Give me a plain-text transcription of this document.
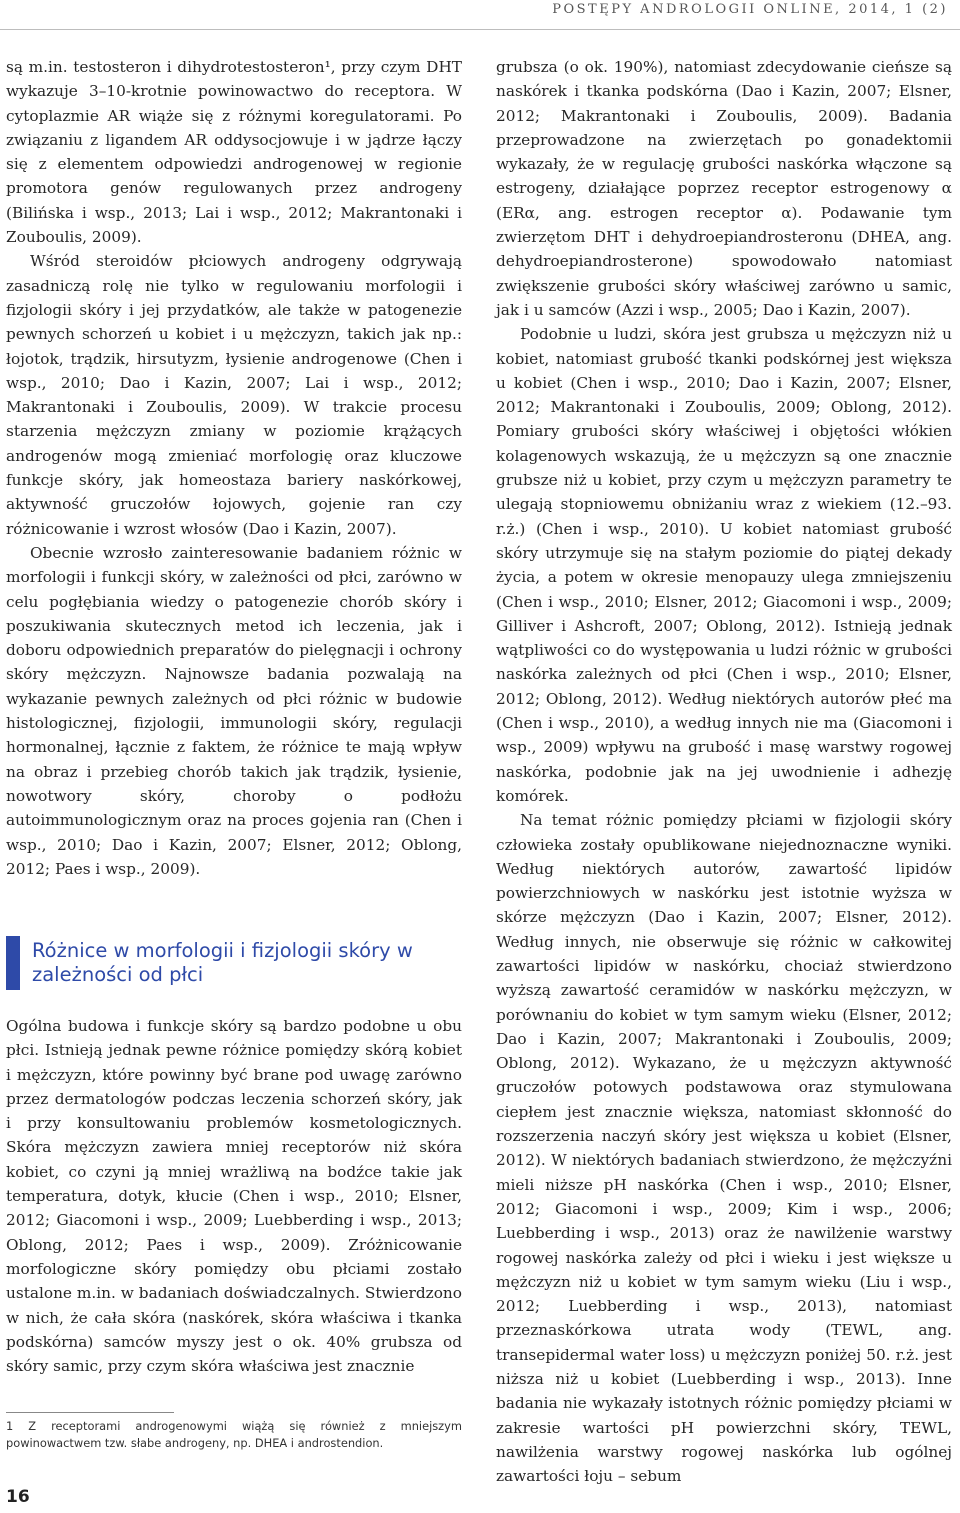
POSTĘPY ANDROLOGII ONLINE, 2014, 1 (2)

są m.in. testosteron i dihydrotestosteron¹, przy czym DHT wykazuje 3–10-krotnie powinowactwo do receptora. W cytoplazmie AR wiąże się z różnymi koregulatorami. Po związaniu z ligandem AR oddysocjowuje i w jądrze łączy się z elementem odpowiedzi androgenowej w regionie promotora genów regulowanych przez androgeny (Bilińska i wsp., 2013; Lai i wsp., 2012; Makrantonaki i Zouboulis, 2009).

Wśród steroidów płciowych androgeny odgrywają zasadniczą rolę nie tylko w regulowaniu morfologii i fizjologii skóry i jej przydatków, ale także w patogenezie pewnych schorzeń u kobiet i u mężczyzn, takich jak np.: łojotok, trądzik, hirsutyzm, łysienie androgenowe (Chen i wsp., 2010; Dao i Kazin, 2007; Lai i wsp., 2012; Makrantonaki i Zouboulis, 2009). W trakcie procesu starzenia mężczyzn zmiany w poziomie krążących androgenów mogą zmieniać morfologię oraz kluczowe funkcje skóry, jak homeostaza bariery naskórkowej, aktywność gruczołów łojowych, gojenie ran czy różnicowanie i wzrost włosów (Dao i Kazin, 2007).

Obecnie wzrosło zainteresowanie badaniem różnic w morfologii i funkcji skóry, w zależności od płci, zarówno w celu pogłębiania wiedzy o patogenezie chorób skóry i poszukiwania skutecznych metod ich leczenia, jak i doboru odpowiednich preparatów do pielęgnacji i ochrony skóry mężczyzn. Najnowsze badania pozwalają na wykazanie pewnych zależnych od płci różnic w budowie histologicznej, fizjologii, immunologii skóry, regulacji hormonalnej, łącznie z faktem, że różnice te mają wpływ na obraz i przebieg chorób takich jak trądzik, łysienie, nowotwory skóry, choroby o podłożu autoimmunologicznym oraz na proces gojenia ran (Chen i wsp., 2010; Dao i Kazin, 2007; Elsner, 2012; Oblong, 2012; Paes i wsp., 2009).

Różnice w morfologii i fizjologii skóry w zależności od płci

Ogólna budowa i funkcje skóry są bardzo podobne u obu płci. Istnieją jednak pewne różnice pomiędzy skórą kobiet i mężczyzn, które powinny być brane pod uwagę zarówno przez dermatologów podczas leczenia schorzeń skóry, jak i przy konsultowaniu problemów kosmetologicznych. Skóra mężczyzn zawiera mniej receptorów niż skóra kobiet, co czyni ją mniej wrażliwą na bodźce takie jak temperatura, dotyk, kłucie (Chen i wsp., 2010; Elsner, 2012; Giacomoni i wsp., 2009; Luebberding i wsp., 2013; Oblong, 2012; Paes i wsp., 2009). Zróżnicowanie morfologiczne skóry pomiędzy obu płciami zostało ustalone m.in. w badaniach doświadczalnych. Stwierdzono w nich, że cała skóra (naskórek, skóra właściwa i tkanka podskórna) samców myszy jest o ok. 40% grubsza od skóry samic, przy czym skóra właściwa jest znacznie

1 Z receptorami androgenowymi wiążą się również z mniejszym powinowactwem tzw. słabe androgeny, np. DHEA i androstendion.

grubsza (o ok. 190%), natomiast zdecydowanie cieńsze są naskórek i tkanka podskórna (Dao i Kazin, 2007; Elsner, 2012; Makrantonaki i Zouboulis, 2009). Badania przeprowadzone na zwierzętach po gonadektomii wykazały, że w regulację grubości naskórka włączone są estrogeny, działające poprzez receptor estrogenowy α (ERα, ang. estrogen receptor α). Podawanie tym zwierzętom DHT i dehydroepiandrosteronu (DHEA, ang. dehydroepiandrosterone) spowodowało natomiast zwiększenie grubości skóry właściwej zarówno u samic, jak i u samców (Azzi i wsp., 2005; Dao i Kazin, 2007).

Podobnie u ludzi, skóra jest grubsza u mężczyzn niż u kobiet, natomiast grubość tkanki podskórnej jest większa u kobiet (Chen i wsp., 2010; Dao i Kazin, 2007; Elsner, 2012; Makrantonaki i Zouboulis, 2009; Oblong, 2012). Pomiary grubości skóry właściwej i objętości włókien kolagenowych wskazują, że u mężczyzn są one znacznie grubsze niż u kobiet, przy czym u mężczyzn parametry te ulegają stopniowemu obniżaniu wraz z wiekiem (12.–93. r.ż.) (Chen i wsp., 2010). U kobiet natomiast grubość skóry utrzymuje się na stałym poziomie do piątej dekady życia, a potem w okresie menopauzy ulega zmniejszeniu (Chen i wsp., 2010; Elsner, 2012; Giacomoni i wsp., 2009; Gilliver i Ashcroft, 2007; Oblong, 2012). Istnieją jednak wątpliwości co do występowania u ludzi różnic w grubości naskórka zależnych od płci (Chen i wsp., 2010; Elsner, 2012; Oblong, 2012). Według niektórych autorów płeć ma (Chen i wsp., 2010), a według innych nie ma (Giacomoni i wsp., 2009) wpływu na grubość i masę warstwy rogowej naskórka, podobnie jak na jej uwodnienie i adhezję komórek.

Na temat różnic pomiędzy płciami w fizjologii skóry człowieka zostały opublikowane niejednoznaczne wyniki. Według niektórych autorów, zawartość lipidów powierzchniowych w naskórku jest istotnie wyższa w skórze mężczyzn (Dao i Kazin, 2007; Elsner, 2012). Według innych, nie obserwuje się różnic w całkowitej zawartości lipidów w naskórku, chociaż stwierdzono wyższą zawartość ceramidów w naskórku mężczyzn, w porównaniu do kobiet w tym samym wieku (Elsner, 2012; Dao i Kazin, 2007; Makrantonaki i Zouboulis, 2009; Oblong, 2012). Wykazano, że u mężczyzn aktywność gruczołów potowych podstawowa oraz stymulowana ciepłem jest znacznie większa, natomiast skłonność do rozszerzenia naczyń skóry jest większa u kobiet (Elsner, 2012). W niektórych badaniach stwierdzono, że mężczyźni mieli niższe pH naskórka (Chen i wsp., 2010; Elsner, 2012; Giacomoni i wsp., 2009; Kim i wsp., 2006; Luebberding i wsp., 2013) oraz że nawilżenie warstwy rogowej naskórka zależy od płci i wieku i jest większe u mężczyzn niż u kobiet w tym samym wieku (Liu i wsp., 2012; Luebberding i wsp., 2013), natomiast przeznaskórkowa utrata wody (TEWL, ang. transepidermal water loss) u mężczyzn poniżej 50. r.ż. jest niższa niż u kobiet (Luebberding i wsp., 2013). Inne badania nie wykazały istotnych różnic pomiędzy płciami w zakresie wartości pH powierzchni skóry, TEWL, nawilżenia warstwy rogowej naskórka lub ogólnej zawartości łoju – sebum

16
